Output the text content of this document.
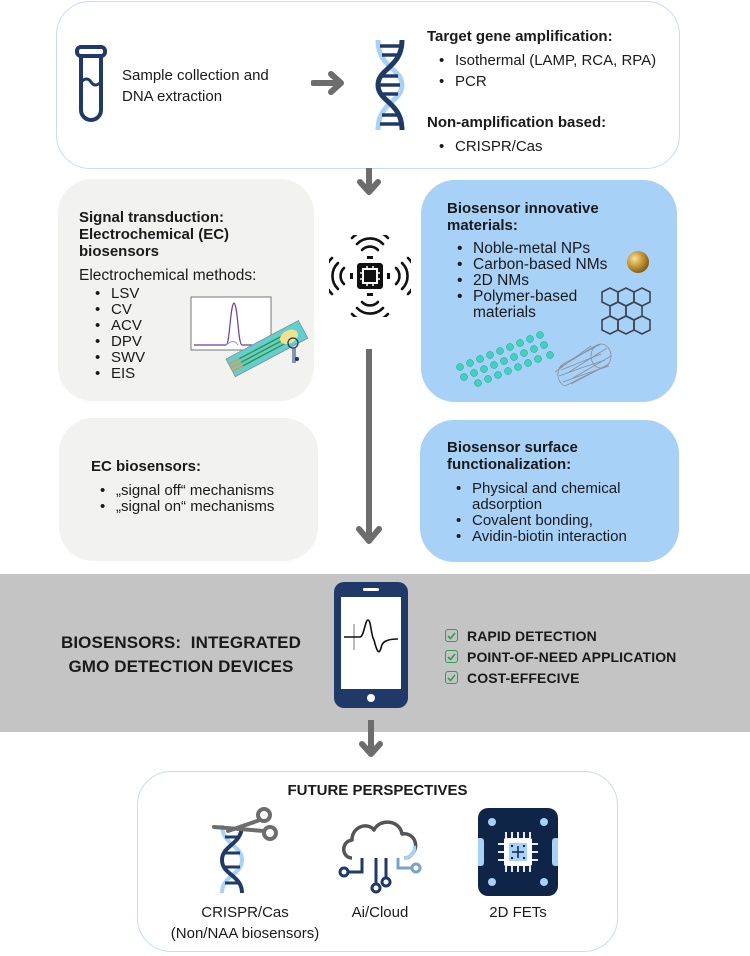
Sample collection and
DNA extraction
Target gene amplification:
• Isothermal (LAMP, RCA, RPA)
• PCR
Non-amplification based:
• CRISPR/Cas
Signal transduction:
Electrochemical (EC)
biosensors
Electrochemical methods:
• LSV
• CV
• ACV
• DPV
• SWV
• EIS
Biosensor innovative
materials:
• Noble-metal NPs
• Carbon-based NMs
• 2D NMs
• Polymer-based
materials
EC biosensors:
• „signal off“ mechanisms
• „signal on“ mechanisms
Biosensor surface
functionalization:
• Physical and chemical
adsorption
• Covalent bonding,
• Avidin-biotin interaction
BIOSENSORS:  INTEGRATED
GMO DETECTION DEVICES
RAPID DETECTION
POINT-OF-NEED APPLICATION
COST-EFFECIVE
FUTURE PERSPECTIVES
CRISPR/Cas
(Non/NAA biosensors)
Ai/Cloud	2D FETs
